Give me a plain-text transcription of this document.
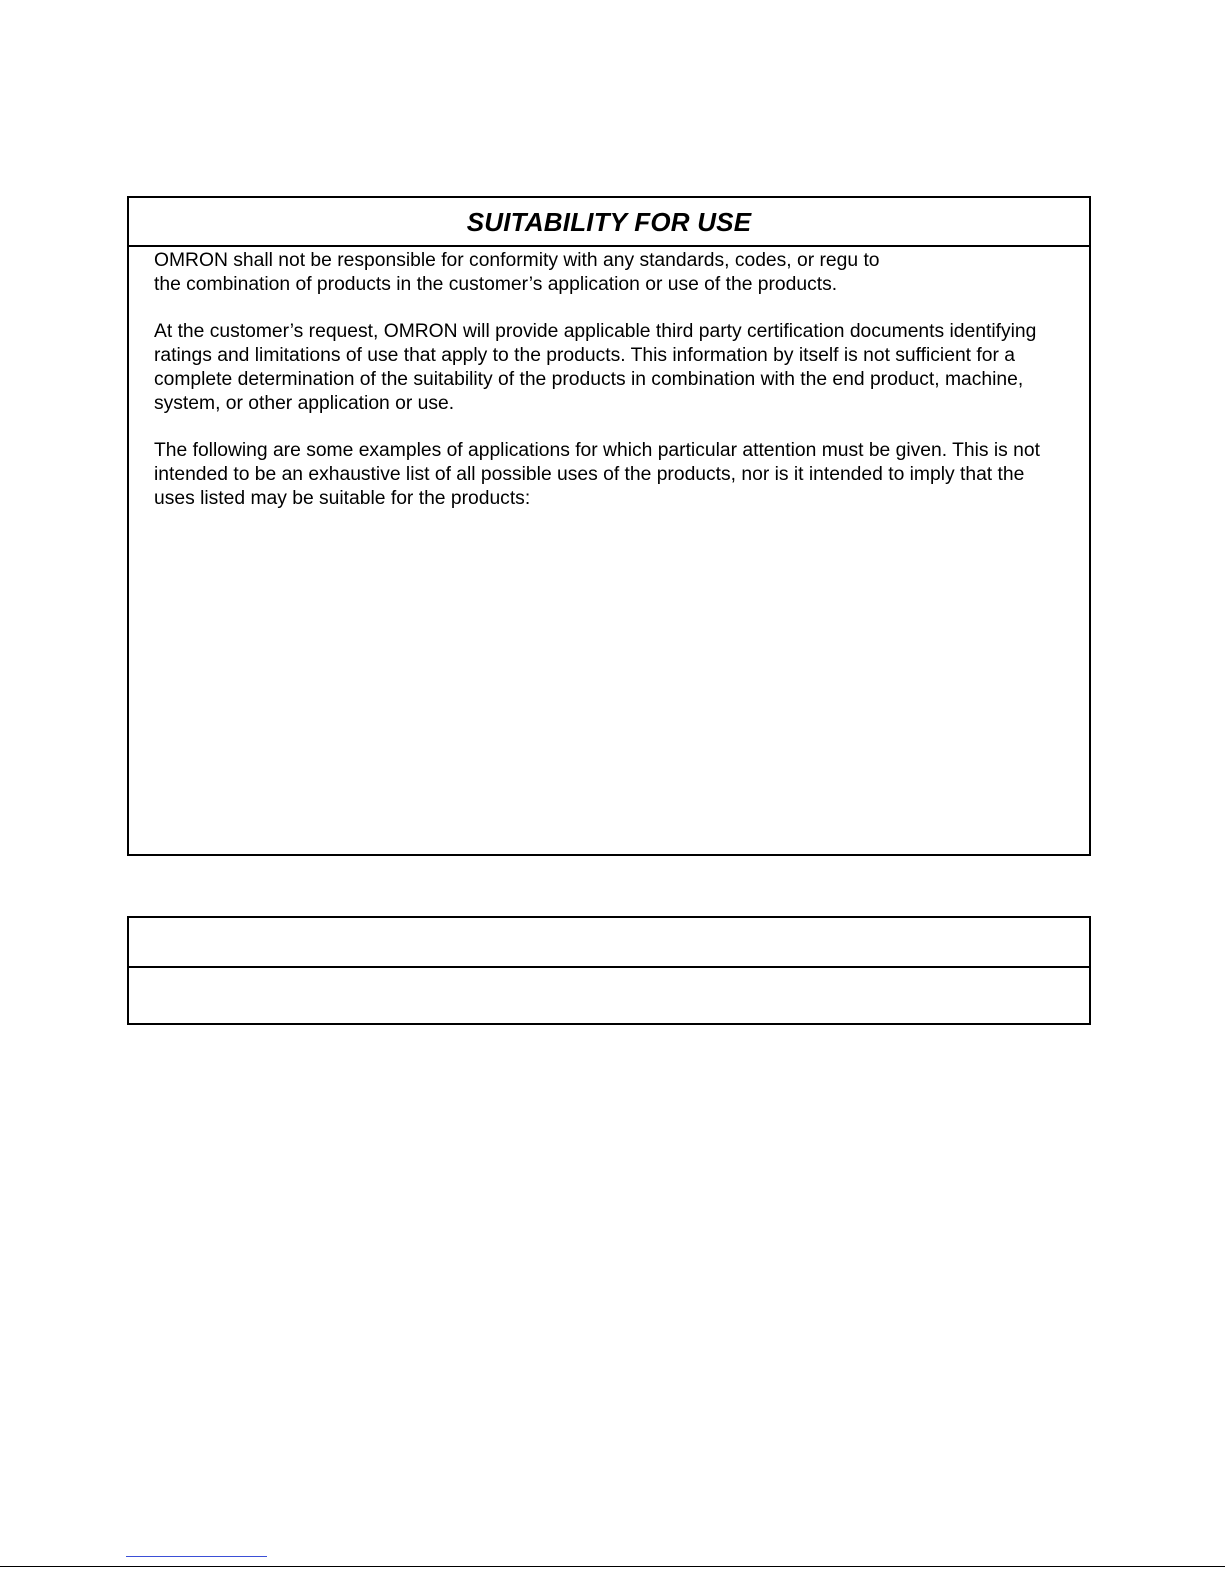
SUITABILITY FOR USE

OMRON shall not be responsible for conformity with any standards, codes, or regu to
the combination of products in the customer’s application or use of the products.

At the customer’s request, OMRON will provide applicable third party certification documents identifying
ratings and limitations of use that apply to the products. This information by itself is not sufficient for a
complete determination of the suitability of the products in combination with the end product, machine,
system, or other application or use.

The following are some examples of applications for which particular attention must be given. This is not
intended to be an exhaustive list of all possible uses of the products, nor is it intended to imply that the
uses listed may be suitable for the products:
